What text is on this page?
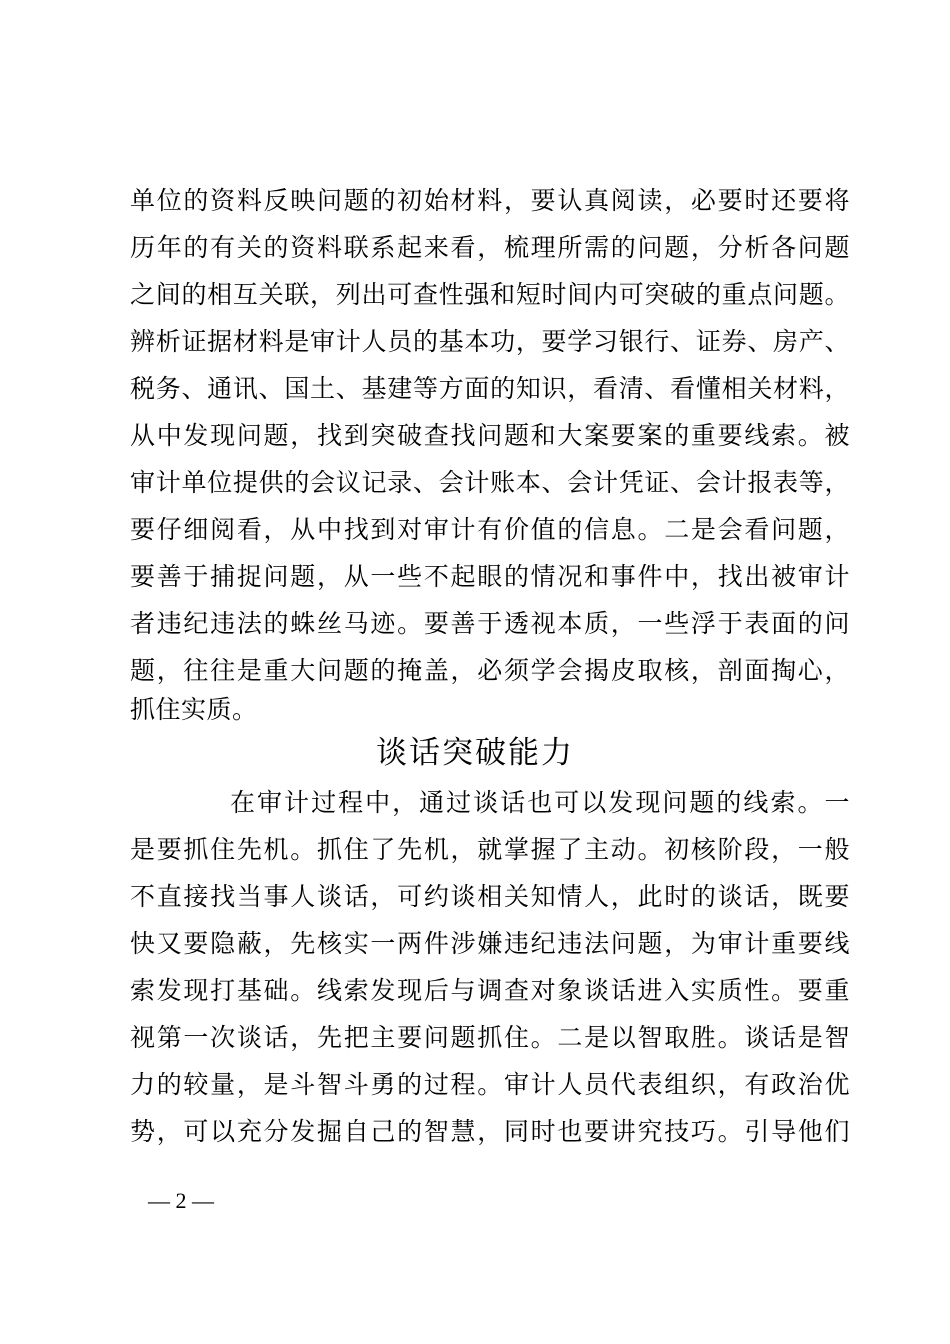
单位的资料反映问题的初始材料，要认真阅读，必要时还要将
历年的有关的资料联系起来看，梳理所需的问题，分析各问题
之间的相互关联，列出可查性强和短时间内可突破的重点问题。
辨析证据材料是审计人员的基本功，要学习银行、证券、房产、
税务、通讯、国土、基建等方面的知识，看清、看懂相关材料，
从中发现问题，找到突破查找问题和大案要案的重要线索。被
审计单位提供的会议记录、会计账本、会计凭证、会计报表等，
要仔细阅看，从中找到对审计有价值的信息。二是会看问题，
要善于捕捉问题，从一些不起眼的情况和事件中，找出被审计
者违纪违法的蛛丝马迹。要善于透视本质，一些浮于表面的问
题，往往是重大问题的掩盖，必须学会揭皮取核，剖面掏心，
抓住实质。
谈话突破能力
在审计过程中，通过谈话也可以发现问题的线索。一
是要抓住先机。抓住了先机，就掌握了主动。初核阶段，一般
不直接找当事人谈话，可约谈相关知情人，此时的谈话，既要
快又要隐蔽，先核实一两件涉嫌违纪违法问题，为审计重要线
索发现打基础。线索发现后与调查对象谈话进入实质性。要重
视第一次谈话，先把主要问题抓住。二是以智取胜。谈话是智
力的较量，是斗智斗勇的过程。审计人员代表组织，有政治优
势，可以充分发掘自己的智慧，同时也要讲究技巧。引导他们
— 2 —
